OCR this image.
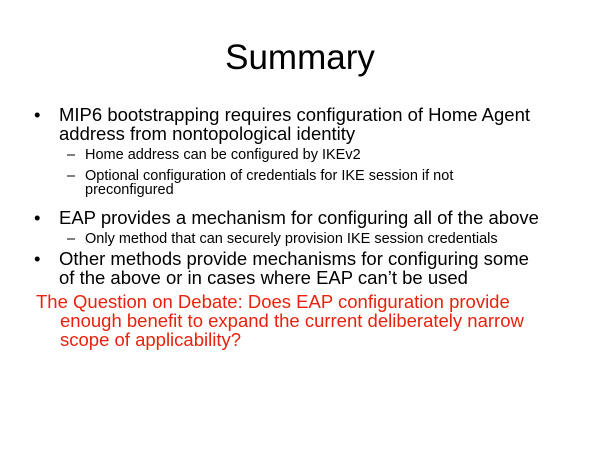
Summary
• MIP6 bootstrapping requires configuration of Home Agent address from nontopological identity
– Home address can be configured by IKEv2
– Optional configuration of credentials for IKE session if not preconfigured
• EAP provides a mechanism for configuring all of the above
– Only method that can securely provision IKE session credentials
• Other methods provide mechanisms for configuring some of the above or in cases where EAP can’t be used
The Question on Debate: Does EAP configuration provide
enough benefit to expand the current deliberately narrow scope of applicability?
